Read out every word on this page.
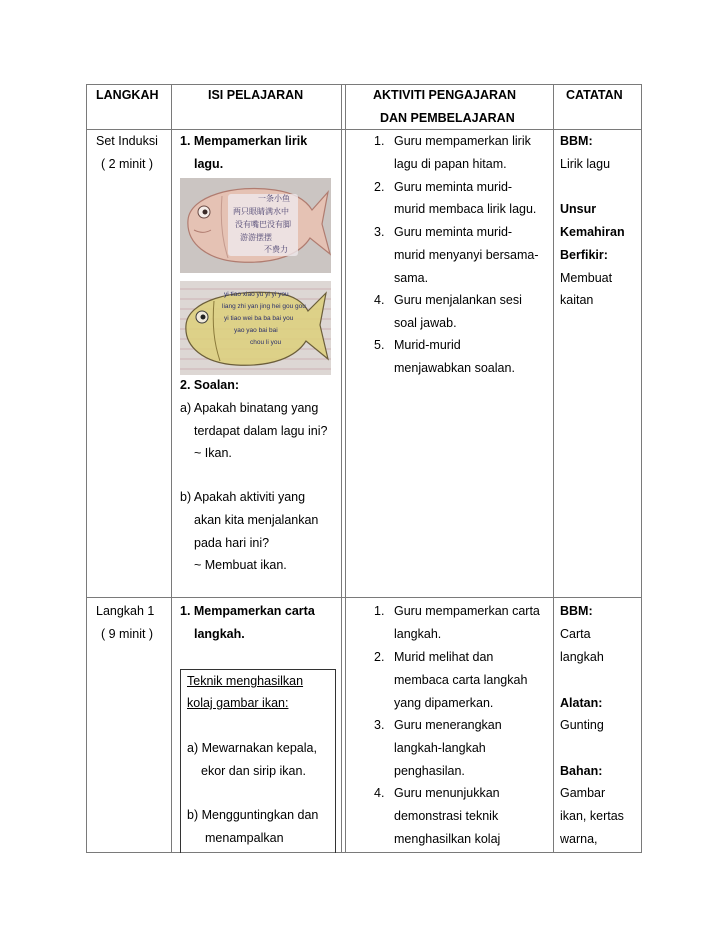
LANGKAH	ISI PELAJARAN	AKTIVITI PENGAJARAN
DAN PEMBELAJARAN
CATATAN
Set Induksi
( 2 minit )
1. Mempamerkan lirik
lagu.
一条小鱼
两只眼睛满水中
没有嘴巴没有脚
游游摆摆
不费力
yi tiao xiao yu yi yi you
liang zhi yan jing hei gou gou
yi tiao wei ba ba bai you
yao yao bai bai
chou li you
2. Soalan:
a) Apakah binatang yang
terdapat dalam lagu ini?
~ Ikan.
b) Apakah aktiviti yang
akan kita menjalankan
pada hari ini?
~ Membuat ikan.
1. Guru mempamerkan lirik
lagu di papan hitam.
2. Guru meminta murid-
murid membaca lirik lagu.
3. Guru meminta murid-
murid menyanyi bersama-
sama.
4. Guru menjalankan sesi
soal jawab.
5. Murid-murid
menjawabkan soalan.
BBM:
Lirik lagu
Unsur
Kemahiran
Berfikir:
Membuat
kaitan
Langkah 1
( 9 minit )
1. Mempamerkan carta
langkah.
Teknik menghasilkan
kolaj gambar ikan:
a) Mewarnakan kepala,
ekor dan sirip ikan.
b) Mengguntingkan dan
menampalkan
1. Guru mempamerkan carta
langkah.
2. Murid melihat dan
membaca carta langkah
yang dipamerkan.
3. Guru menerangkan
langkah-langkah
penghasilan.
4. Guru menunjukkan
demonstrasi teknik
menghasilkan kolaj
BBM:
Carta
langkah
Alatan:
Gunting
Bahan:
Gambar
ikan, kertas
warna,
